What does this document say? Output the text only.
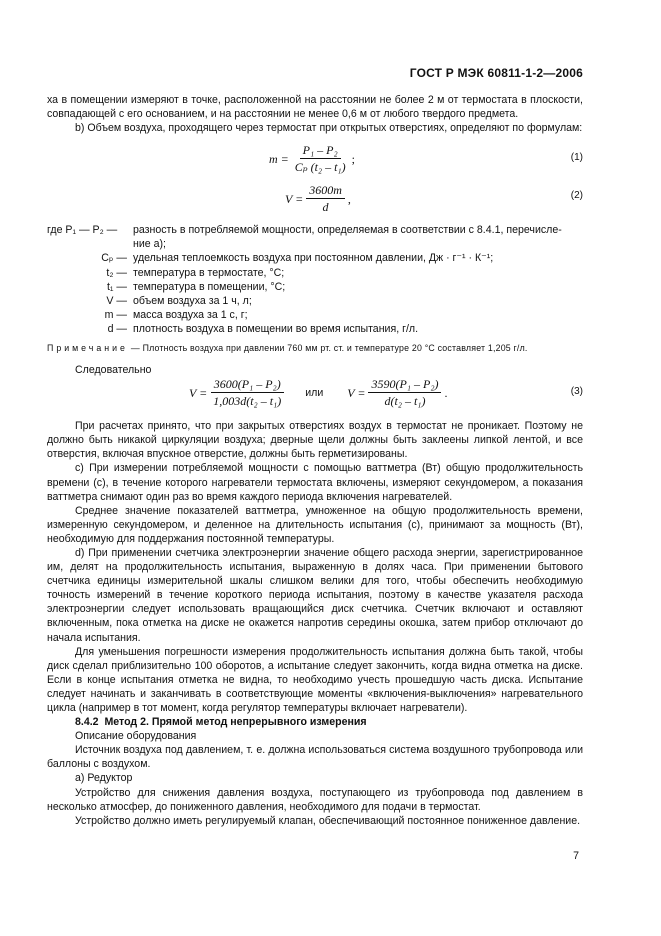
ГОСТ Р МЭК 60811-1-2—2006

ха в помещении измеряют в точке, расположенной на расстоянии не более 2 м от термостата в плоскости, совпадающей с его основанием, и на расстоянии не менее 0,6 м от любого твердого предмета.

b) Объем воздуха, проходящего через термостат при открытых отверстиях, определяют по формулам:

$m = \frac{\text{P₁ – P₂}}{\text{Cₚ (t₂ – t₁)}}$ ;	(1)
$V = \frac{3600m}{d}$ ,	(2)
где P₁ — P₂ — разность в потребляемой мощности, определяемая в соответствии с 8.4.1, перечисле-
ние а);
Cₚ — удельная теплоемкость воздуха при постоянном давлении, Дж · г⁻¹ · К⁻¹;
t₂ — температура в термостате, °С;
t₁ — температура в помещении, °С;
V — объем воздуха за 1 ч, л;
m — масса воздуха за 1 с, г;
d — плотность воздуха в помещении во время испытания, г/л.

Примечание — Плотность воздуха при давлении 760 мм рт. ст. и температуре 20 °С составляет 1,205 г/л.

Следовательно

$V = \frac{\text{3600(P₁ – P₂)}}{\text{1,003d(t₂ – t₁)}}$ или $V = \frac{\text{3590(P₁ – P₂)}}{\text{d(t₂ – t₁)}}$ .	(3)

При расчетах принято, что при закрытых отверстиях воздух в термостат не проникает. Поэтому не должно быть никакой циркуляции воздуха; дверные щели должны быть заклеены липкой лентой, и все отверстия, включая впускное отверстие, должны быть герметизированы.

c) При измерении потребляемой мощности с помощью ваттметра (Вт) общую продолжительность времени (с), в течение которого нагреватели термостата включены, измеряют секундомером, а показания ваттметра снимают один раз во время каждого периода включения нагревателей.

Среднее значение показателей ваттметра, умноженное на общую продолжительность времени, измеренную секундомером, и деленное на длительность испытания (с), принимают за мощность (Вт), необходимую для поддержания постоянной температуры.

d) При применении счетчика электроэнергии значение общего расхода энергии, зарегистрированное им, делят на продолжительность испытания, выраженную в долях часа. При применении бытового счетчика единицы измерительной шкалы слишком велики для того, чтобы обеспечить необходимую точность измерений в течение короткого периода испытания, поэтому в качестве указателя расхода электроэнергии следует использовать вращающийся диск счетчика. Счетчик включают и оставляют включенным, пока отметка на диске не окажется напротив середины окошка, затем прибор отключают до начала испытания.

Для уменьшения погрешности измерения продолжительность испытания должна быть такой, чтобы диск сделал приблизительно 100 оборотов, а испытание следует закончить, когда видна отметка на диске. Если в конце испытания отметка не видна, то необходимо учесть прошедшую часть диска. Испытание следует начинать и заканчивать в соответствующие моменты «включения-выключения» нагревательного цикла (например в тот момент, когда регулятор температуры включает нагреватели).

8.4.2 Метод 2. Прямой метод непрерывного измерения

Описание оборудования

Источник воздуха под давлением, т. е. должна использоваться система воздушного трубопровода или баллоны с воздухом.

а) Редуктор

Устройство для снижения давления воздуха, поступающего из трубопровода под давлением в несколько атмосфер, до пониженного давления, необходимого для подачи в термостат.

Устройство должно иметь регулируемый клапан, обеспечивающий постоянное пониженное давление.

7
